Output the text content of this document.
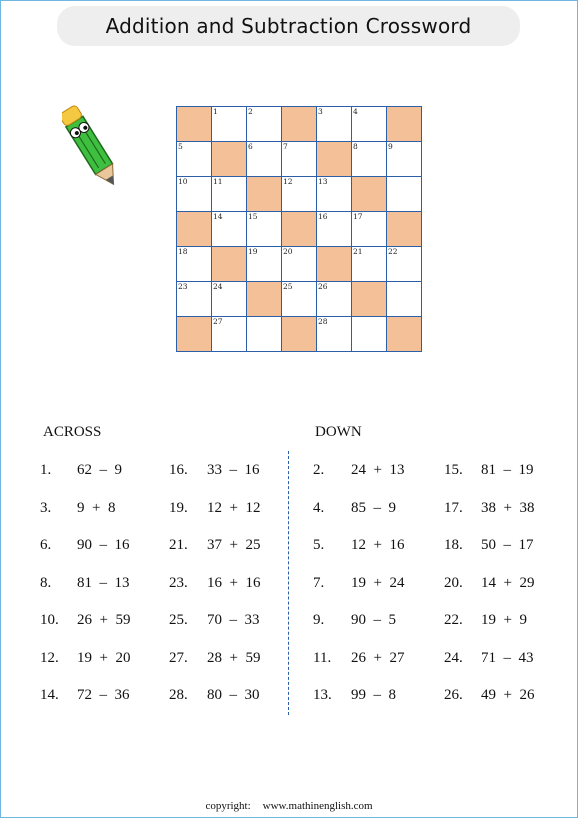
Addition and Subtraction Crossword
1	2	3	4
5	6	7	8	9
10	11	12	13
14	15	16	17
18	19	20	21	22
23	24	25	26
27	28
ACROSS	DOWN
1. 62  –  9
3. 9  +  8
6. 90  –  16
8. 81  –  13
10. 26  +  59
12. 19  +  20
14. 72  –  36
16. 33  –  16
19. 12  +  12
21. 37  +  25
23. 16  +  16
25. 70  –  33
27. 28  +  59
28. 80  –  30
2. 24  +  13
4. 85  –  9
5. 12  +  16
7. 19  +  24
9. 90  –  5
11. 26  +  27
13. 99  –  8
15. 81  –  19
17. 38  +  38
18. 50  –  17
20. 14  +  29
22. 19  +  9
24. 71  –  43
26. 49  +  26
copyright: www.mathinenglish.com
